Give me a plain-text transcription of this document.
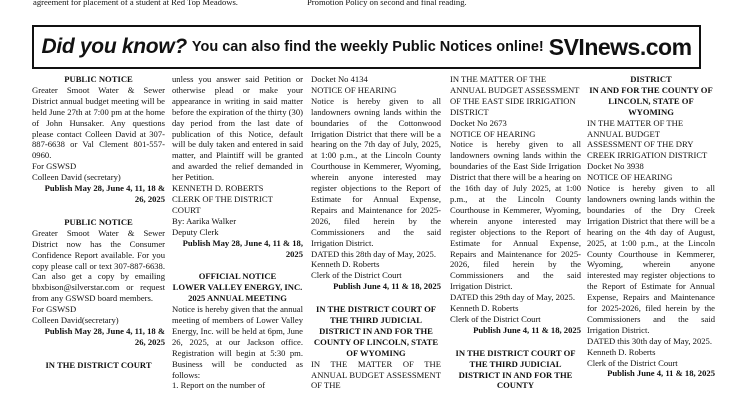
agreement for placement of a student at Red Top Meadows.	Promotion Policy on second and final reading.
Did you know? You can also find the weekly Public Notices online! SVInews.com

PUBLIC NOTICE

Greater Smoot Water & Sewer District annual budget meeting will be held June 27th at 7:00 pm at the home of John Hunsaker. Any questions please contact Colleen David at 307-887-6638 or Val Clement 801-557-0960.

For GSWSD

Colleen David (secretary)

Publish May 28, June 4, 11, 18 & 26, 2025

PUBLIC NOTICE

Greater Smoot Water & Sewer District now has the Consumer Confidence Report available. For you copy please call or text 307-887-6638. Can also get a copy by emailing bbxbison@silverstar.com or request from any GSWSD board members.

For GSWSD

Colleen David(secretary)

Publish May 28, June 4, 11, 18 & 26, 2025

IN THE DISTRICT COURT

unless you answer said Petition or otherwise plead or make your appearance in writing in said matter before the expiration of the thirty (30) day period from the last date of publication of this Notice, default will be duly taken and entered in said matter, and Plaintiff will be granted and awarded the relief demanded in her Petition.

KENNETH D. ROBERTS

CLERK OF THE DISTRICT COURT

By: Aarika Walker

Deputy Clerk

Publish May 28, June 4, 11 & 18, 2025

OFFICIAL NOTICE

LOWER VALLEY ENERGY, INC. 2025 ANNUAL MEETING

Notice is hereby given that the annual meeting of members of Lower Valley Energy, Inc. will be held at 6pm, June 26, 2025, at our Jackson office. Registration will begin at 5:30 pm. Business will be conducted as follows:

1. Report on the number of

Docket No 4134

NOTICE OF HEARING

Notice is hereby given to all landowners owning lands within the boundaries of the Cottonwood Irrigation District that there will be a hearing on the 7th day of July, 2025, at 1:00 p.m., at the Lincoln County Courthouse in Kemmerer, Wyoming, wherein anyone interested may register objections to the Report of Estimate for Annual Expense, Repairs and Maintenance for 2025-2026, filed herein by the Commissioners and the said Irrigation District.

DATED this 28th day of May, 2025.

Kenneth D. Roberts

Clerk of the District Court

Publish June 4, 11 & 18, 2025

IN THE DISTRICT COURT OF THE THIRD JUDICIAL DISTRICT IN AND FOR THE COUNTY OF LINCOLN, STATE OF WYOMING

IN THE MATTER OF THE ANNUAL BUDGET ASSESSMENT OF THE

IN THE MATTER OF THE ANNUAL BUDGET ASSESSMENT OF THE EAST SIDE IRRIGATION DISTRICT

Docket No 2673

NOTICE OF HEARING

Notice is hereby given to all landowners owning lands within the boundaries of the East Side Irrigation District that there will be a hearing on the 16th day of July 2025, at 1:00 p.m., at the Lincoln County Courthouse in Kemmerer, Wyoming, wherein anyone interested may register objections to the Report of Estimate for Annual Expense, Repairs and Maintenance for 2025-2026, filed herein by the Commissioners and the said Irrigation District.

DATED this 29th day of May, 2025.

Kenneth D. Roberts

Clerk of the District Court

Publish June 4, 11 & 18, 2025

IN THE DISTRICT COURT OF THE THIRD JUDICIAL DISTRICT IN AND FOR THE COUNTY

DISTRICT

IN AND FOR THE COUNTY OF LINCOLN, STATE OF WYOMING

IN THE MATTER OF THE ANNUAL BUDGET ASSESSMENT OF THE DRY CREEK IRRIGATION DISTRICT

Docket No 3938

NOTICE OF HEARING

Notice is hereby given to all landowners owning lands within the boundaries of the Dry Creek Irrigation District that there will be a hearing on the 4th day of August, 2025, at 1:00 p.m., at the Lincoln County Courthouse in Kemmerer, Wyoming, wherein anyone interested may register objections to the Report of Estimate for Annual Expense, Repairs and Maintenance for 2025-2026, filed herein by the Commissioners and the said Irrigation District.

DATED this 30th day of May, 2025.

Kenneth D. Roberts

Clerk of the District Court

Publish June 4, 11 & 18, 2025
